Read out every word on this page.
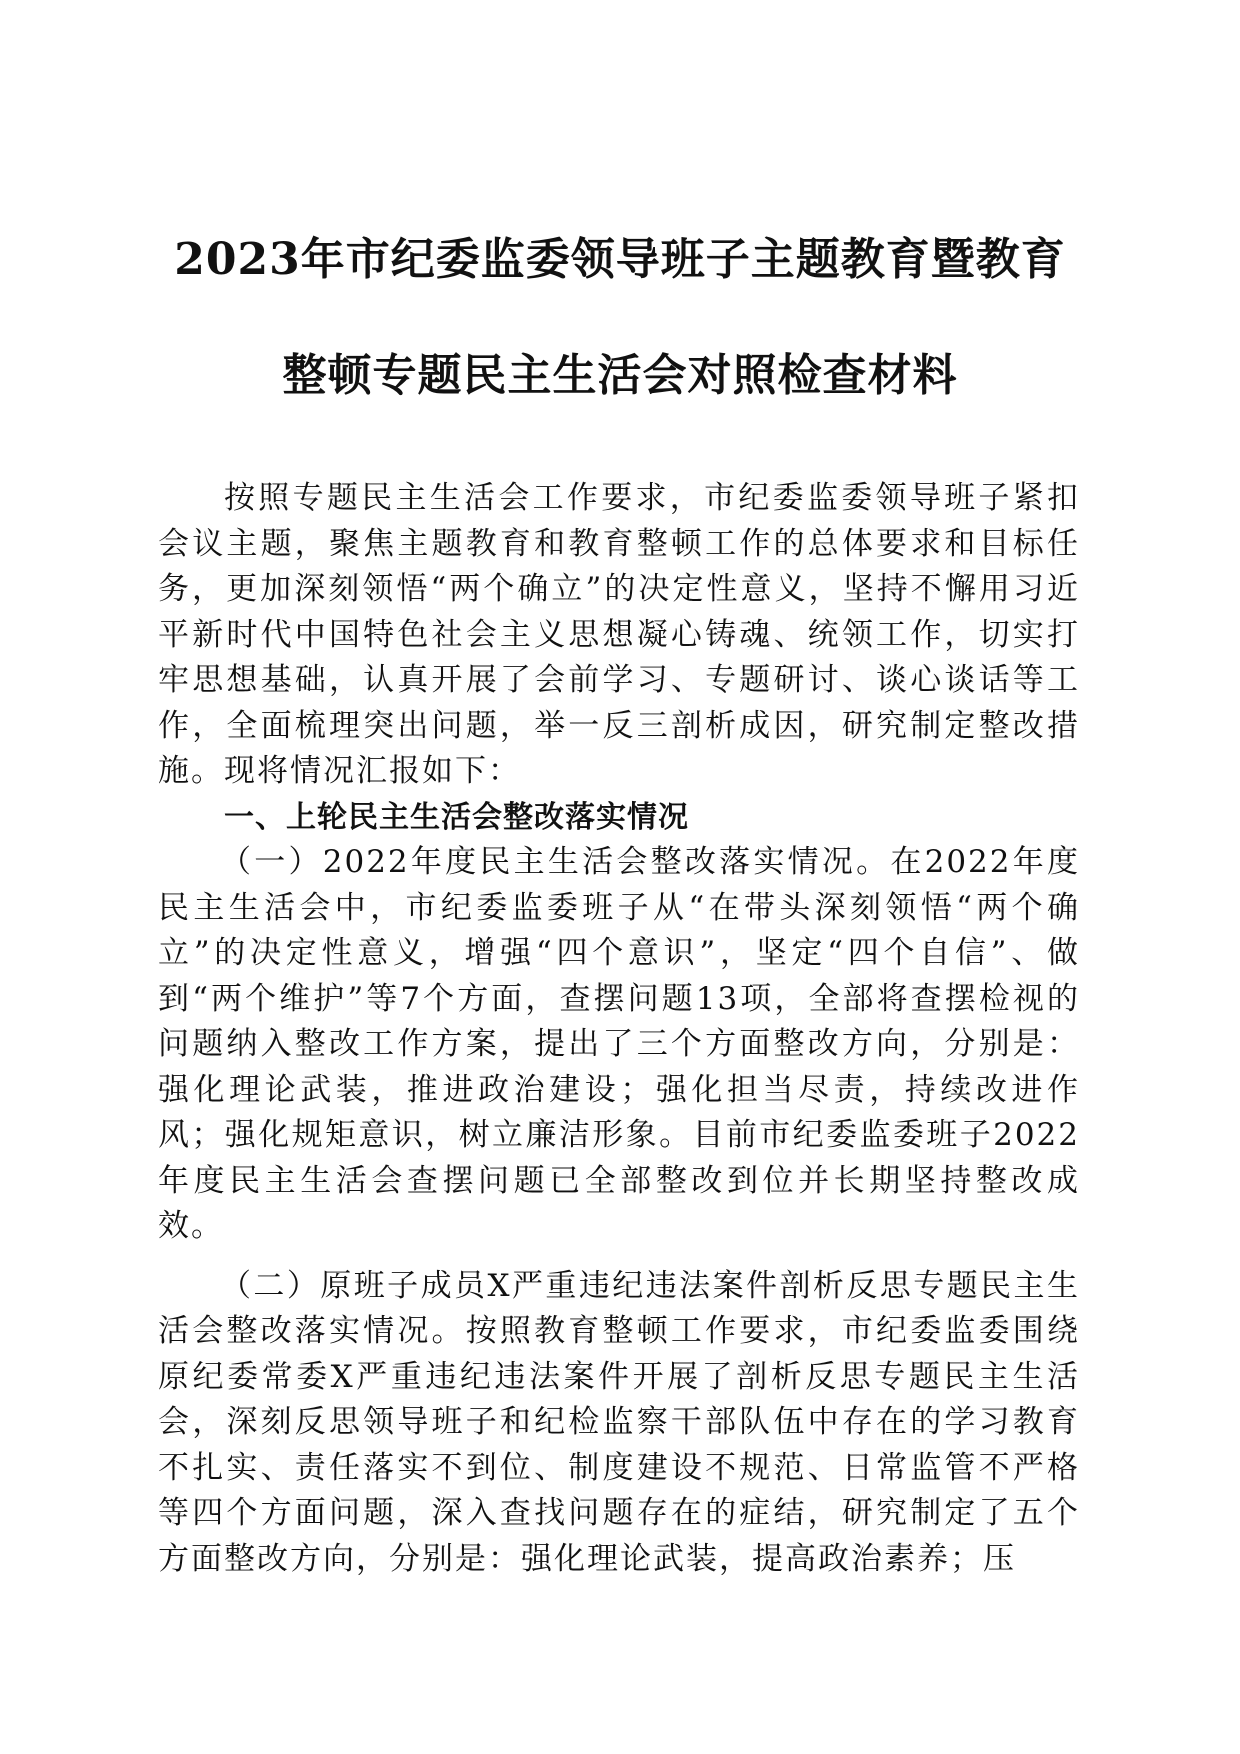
2023年市纪委监委领导班子主题教育暨教育
整顿专题民主生活会对照检查材料

按照专题民主生活会工作要求，市纪委监委领导班子紧扣会议主题，聚焦主题教育和教育整顿工作的总体要求和目标任务，更加深刻领悟“两个确立”的决定性意义，坚持不懈用习近平新时代中国特色社会主义思想凝心铸魂、统领工作，切实打牢思想基础，认真开展了会前学习、专题研讨、谈心谈话等工作，全面梳理突出问题，举一反三剖析成因，研究制定整改措施。现将情况汇报如下：

一、上轮民主生活会整改落实情况

（一）2022年度民主生活会整改落实情况。在2022年度民主生活会中，市纪委监委班子从“在带头深刻领悟“两个确立”的决定性意义，增强“四个意识”，坚定“四个自信”、做到“两个维护”等7个方面，查摆问题13项，全部将查摆检视的问题纳入整改工作方案，提出了三个方面整改方向，分别是：强化理论武装，推进政治建设；强化担当尽责，持续改进作风；强化规矩意识，树立廉洁形象。目前市纪委监委班子2022年度民主生活会查摆问题已全部整改到位并长期坚持整改成效。

（二）原班子成员X严重违纪违法案件剖析反思专题民主生活会整改落实情况。按照教育整顿工作要求，市纪委监委围绕原纪委常委X严重违纪违法案件开展了剖析反思专题民主生活会，深刻反思领导班子和纪检监察干部队伍中存在的学习教育不扎实、责任落实不到位、制度建设不规范、日常监管不严格等四个方面问题，深入查找问题存在的症结，研究制定了五个方面整改方向，分别是：强化理论武装，提高政治素养；压
